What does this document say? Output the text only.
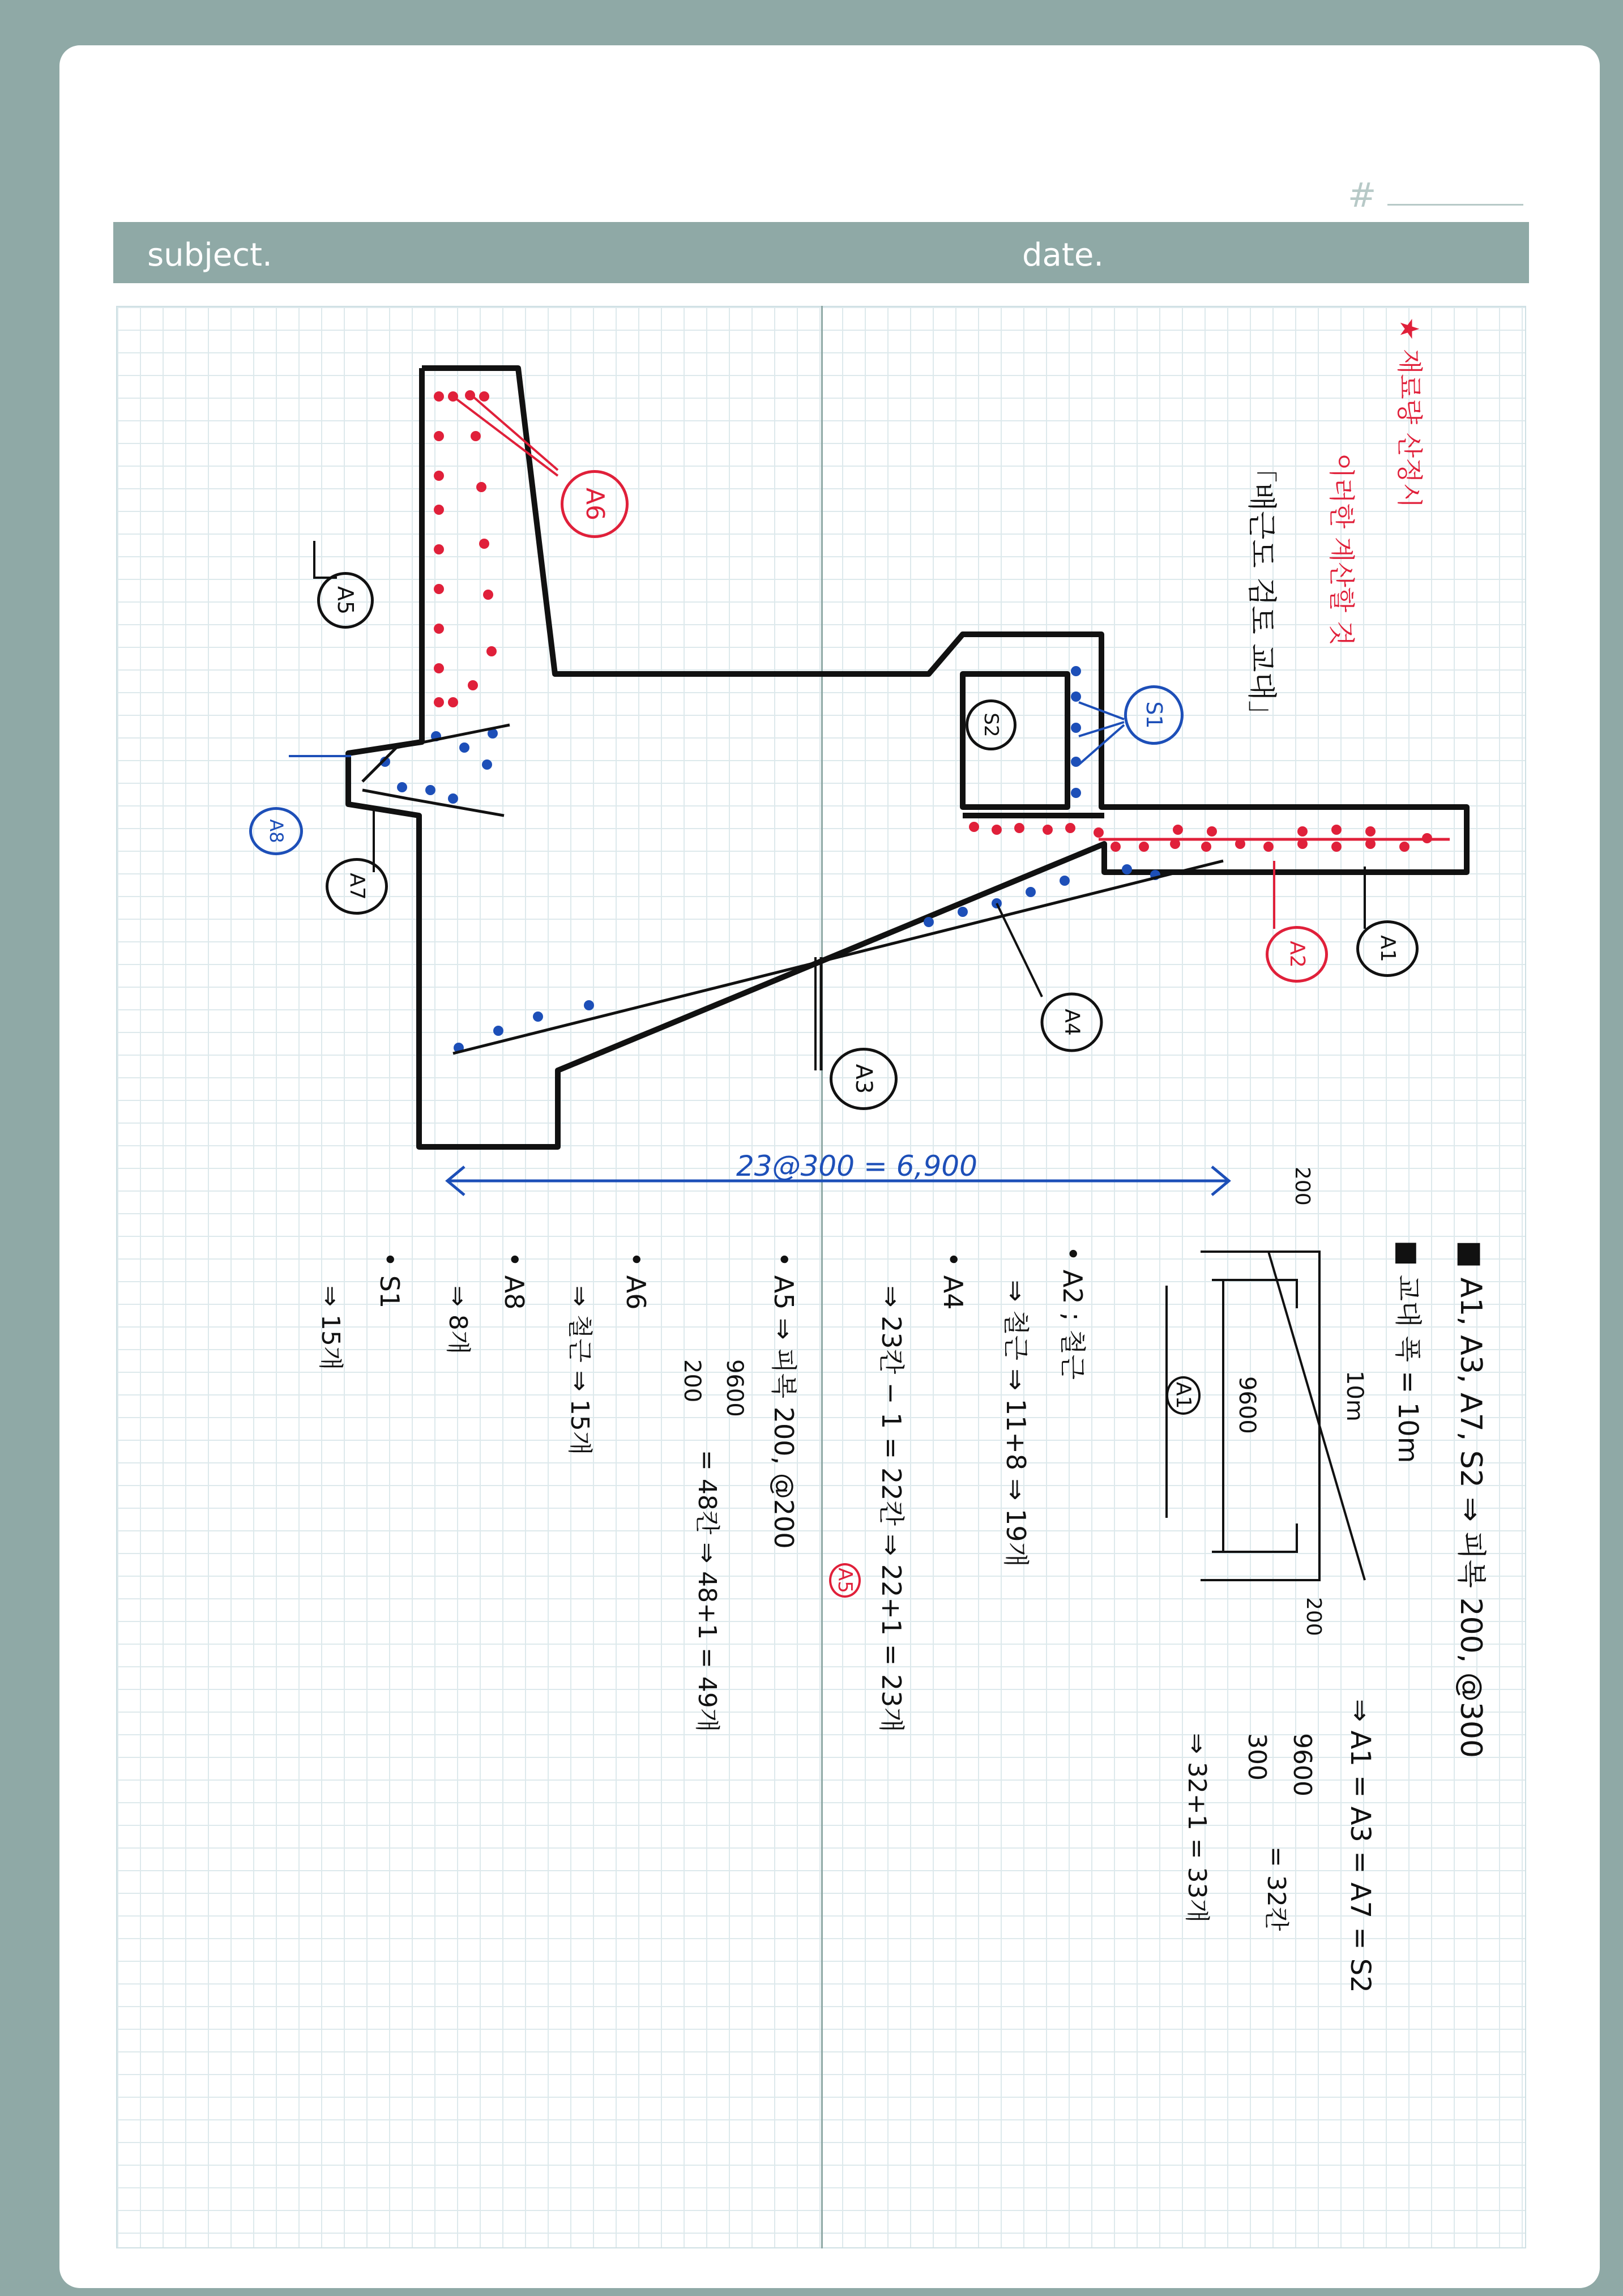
#
subject.	date.
A6
A5
S1
S2
A8
A7
A2	A1
A4
A3
23@300 = 6,900
「배근도 검토 교대」
★ 재료량 산정시
이러한 계산할 것
■ A1, A3, A7, S2 ⇒ 피복 200, @300
■ 교대 폭 = 10m
⇒ A1 = A3 = A7 = S2
9600
300
= 32칸
⇒ 32+1 = 33개
• A2 ; 철근
⇒ 철근 ⇒ 11+8 ⇒ 19개
• A4
⇒ 23칸 − 1 = 22칸 ⇒ 22+1 = 23개
A5
• A5 ⇒ 피복 200, @200
9600
200
= 48칸 ⇒ 48+1 = 49개
• A6
⇒ 철근 ⇒ 15개
• A8
⇒ 8개
• S1
⇒ 15개
200
200
10m
9600
A1
